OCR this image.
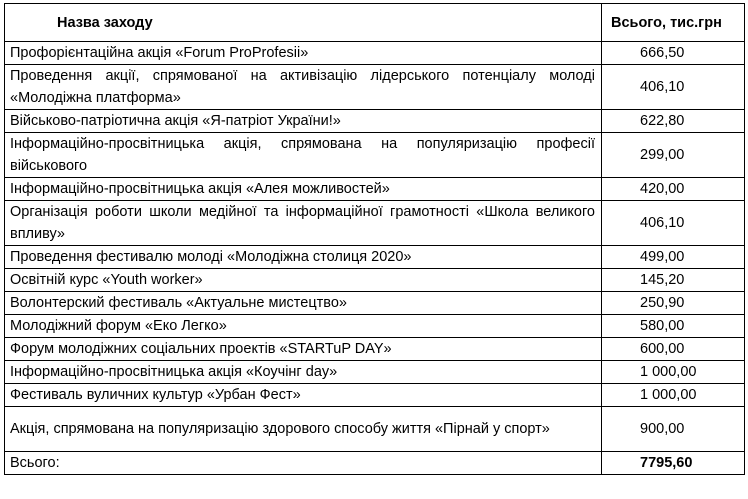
Назва заходу	Всього, тис.грн
Профорієнтаційна акція «Forum ProProfesii»	666,50
Проведення акції, спрямованої на активізацію лідерського потенціалу молоді «Молодіжна платформа»	406,10
Військово-патріотична акція «Я-патріот України!»	622,80
Інформаційно-просвітницька акція, спрямована на популяризацію професії військового	299,00
Інформаційно-просвітницька акція «Алея можливостей»	420,00
Організація роботи школи медійної та інформаційної грамотності «Школа великого впливу»	406,10
Проведення фестивалю молоді «Молодіжна столиця 2020»	499,00
Освітній курс «Youth worker»	145,20
Волонтерский фестиваль «Актуальне мистецтво»	250,90
Молодіжний форум «Еко Легко»	580,00
Форум молодіжних соціальних проектів «STARTuP DAY»	600,00
Інформаційно-просвітницька акція «Коучінг day»	1 000,00
Фестиваль вуличних культур «Урбан Фест»	1 000,00
Акція, спрямована на популяризацію здорового способу життя «Пірнай у спорт»	900,00
Всього:	7795,60
